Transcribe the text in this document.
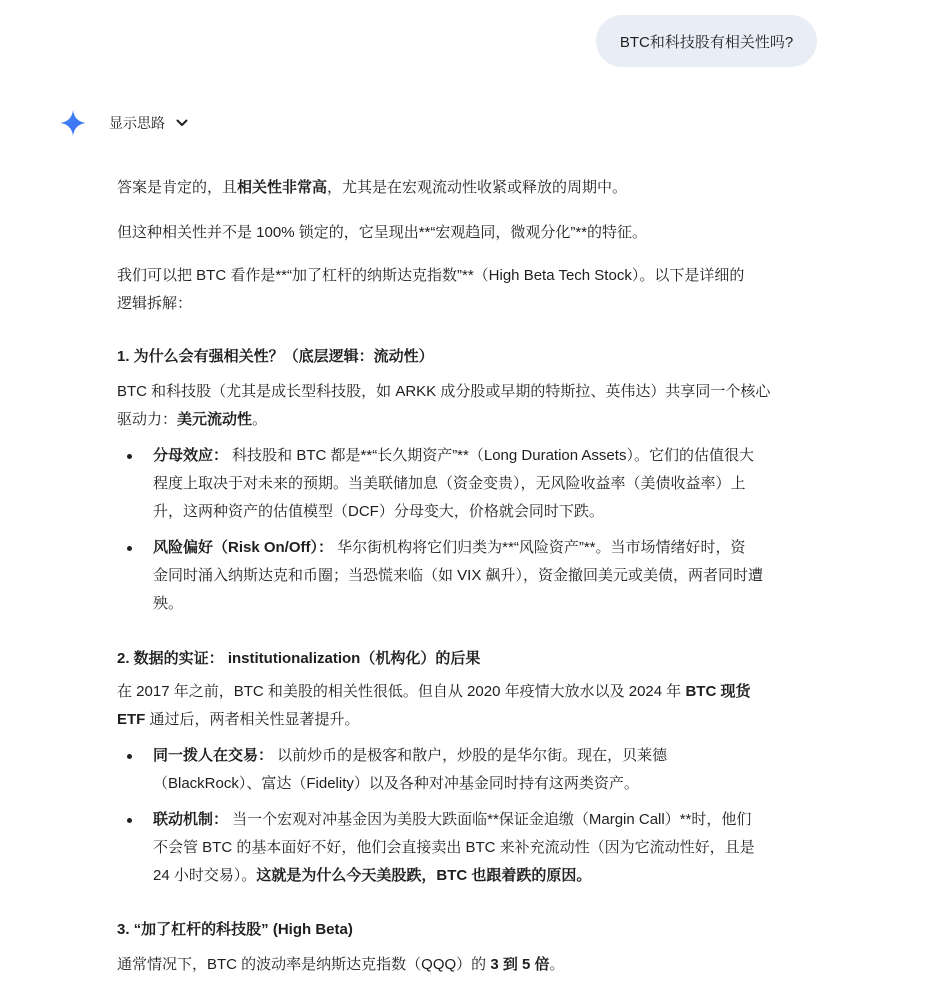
BTC和科技股有相关性吗?
显示思路

答案是肯定的，且相关性非常高，尤其是在宏观流动性收紧或释放的周期中。

但这种相关性并不是 100% 锁定的，它呈现出**“宏观趋同，微观分化”**的特征。

我们可以把 BTC 看作是**“加了杠杆的纳斯达克指数”**（High Beta Tech Stock）。以下是详细的
逻辑拆解：

1. 为什么会有强相关性？（底层逻辑：流动性）

BTC 和科技股（尤其是成长型科技股，如 ARKK 成分股或早期的特斯拉、英伟达）共享同一个核心
驱动力：美元流动性。

分母效应： 科技股和 BTC 都是**“长久期资产”**（Long Duration Assets）。它们的估值很大
程度上取决于对未来的预期。当美联储加息（资金变贵），无风险收益率（美债收益率）上
升，这两种资产的估值模型（DCF）分母变大，价格就会同时下跌。
风险偏好（Risk On/Off）： 华尔街机构将它们归类为**“风险资产”**。当市场情绪好时，资
金同时涌入纳斯达克和币圈；当恐慌来临（如 VIX 飙升），资金撤回美元或美债，两者同时遭
殃。

2. 数据的实证： institutionalization（机构化）的后果

在 2017 年之前，BTC 和美股的相关性很低。但自从 2020 年疫情大放水以及 2024 年 BTC 现货
ETF 通过后，两者相关性显著提升。

同一拨人在交易： 以前炒币的是极客和散户，炒股的是华尔街。现在，贝莱德
（BlackRock）、富达（Fidelity）以及各种对冲基金同时持有这两类资产。
联动机制： 当一个宏观对冲基金因为美股大跌面临**保证金追缴（Margin Call）**时，他们
不会管 BTC 的基本面好不好，他们会直接卖出 BTC 来补充流动性（因为它流动性好，且是
24 小时交易）。这就是为什么今天美股跌，BTC 也跟着跌的原因。

3. “加了杠杆的科技股” (High Beta)

通常情况下，BTC 的波动率是纳斯达克指数（QQQ）的 3 到 5 倍。
